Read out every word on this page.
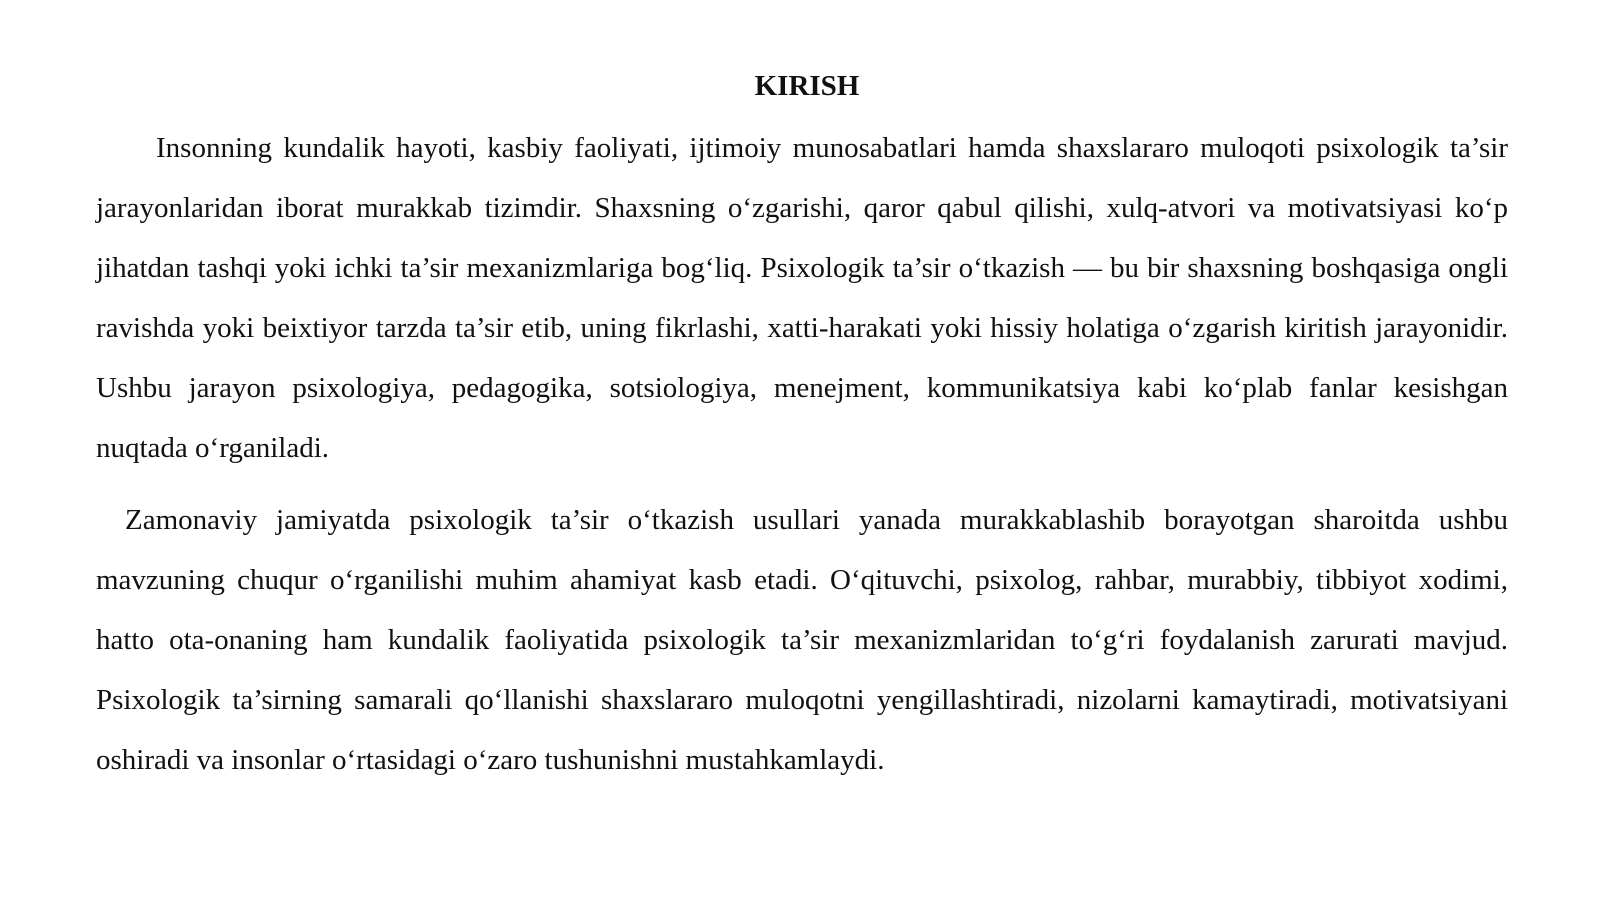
KIRISH

Insonning kundalik hayoti, kasbiy faoliyati, ijtimoiy munosabatlari hamda shaxslararo muloqoti psixologik ta’sir jarayonlaridan iborat murakkab tizimdir. Shaxsning o‘zgarishi, qaror qabul qilishi, xulq-atvori va motivatsiyasi ko‘p jihatdan tashqi yoki ichki ta’sir mexanizmlariga bog‘liq. Psixologik ta’sir o‘tkazish — bu bir shaxsning boshqasiga ongli ravishda yoki beixtiyor tarzda ta’sir etib, uning fikrlashi, xatti-harakati yoki hissiy holatiga o‘zgarish kiritish jarayonidir. Ushbu jarayon psixologiya, pedagogika, sotsiologiya, menejment, kommunikatsiya kabi ko‘plab fanlar kesishgan nuqtada o‘rganiladi.

Zamonaviy jamiyatda psixologik ta’sir o‘tkazish usullari yanada murakkablashib borayotgan sharoitda ushbu mavzuning chuqur o‘rganilishi muhim ahamiyat kasb etadi. O‘qituvchi, psixolog, rahbar, murabbiy, tibbiyot xodimi, hatto ota-onaning ham kundalik faoliyatida psixologik ta’sir mexanizmlaridan to‘g‘ri foydalanish zarurati mavjud. Psixologik ta’sirning samarali qo‘llanishi shaxslararo muloqotni yengillashtiradi, nizolarni kamaytiradi, motivatsiyani oshiradi va insonlar o‘rtasidagi o‘zaro tushunishni mustahkamlaydi.
